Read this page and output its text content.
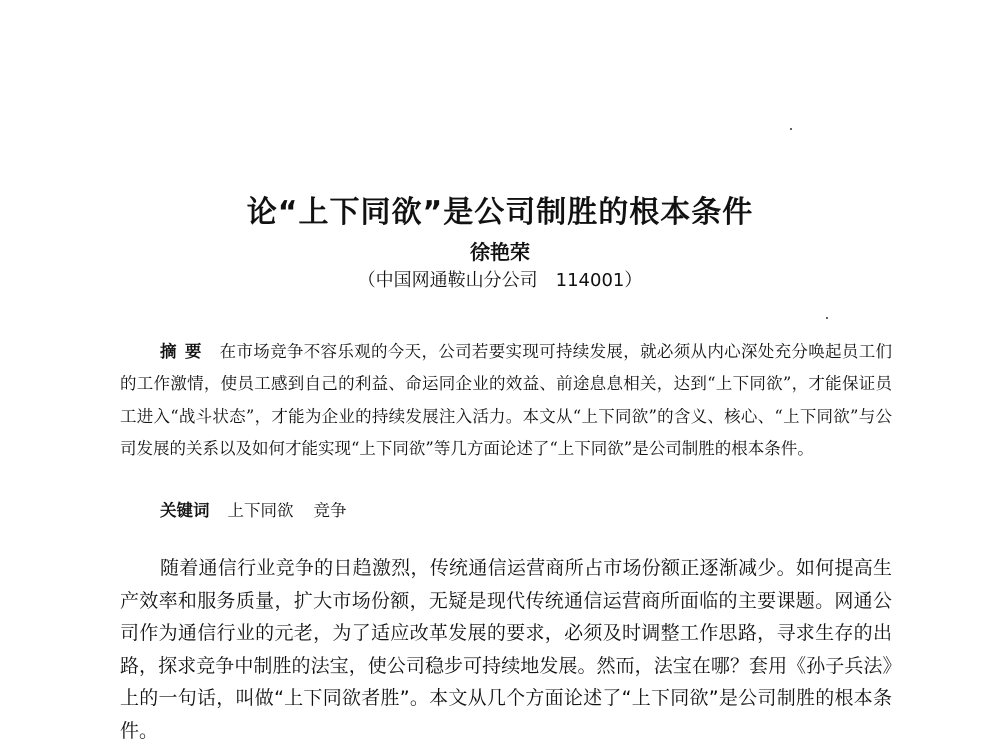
论“上下同欲”是公司制胜的根本条件
徐艳荣
（中国网通鞍山分公司　114001）

摘要 在市场竞争不容乐观的今天，公司若要实现可持续发展，就必须从内心深处充分唤起员工们的工作激情，使员工感到自己的利益、命运同企业的效益、前途息息相关，达到“上下同欲”，才能保证员工进入“战斗状态”，才能为企业的持续发展注入活力。本文从“上下同欲”的含义、核心、“上下同欲”与公司发展的关系以及如何才能实现“上下同欲”等几方面论述了“上下同欲”是公司制胜的根本条件。

关键词 上下同欲 竞争

随着通信行业竞争的日趋激烈，传统通信运营商所占市场份额正逐渐减少。如何提高生产效率和服务质量，扩大市场份额，无疑是现代传统通信运营商所面临的主要课题。网通公司作为通信行业的元老，为了适应改革发展的要求，必须及时调整工作思路，寻求生存的出路，探求竞争中制胜的法宝，使公司稳步可持续地发展。然而，法宝在哪？套用《孙子兵法》上的一句话，叫做“上下同欲者胜”。本文从几个方面论述了“上下同欲”是公司制胜的根本条件。
